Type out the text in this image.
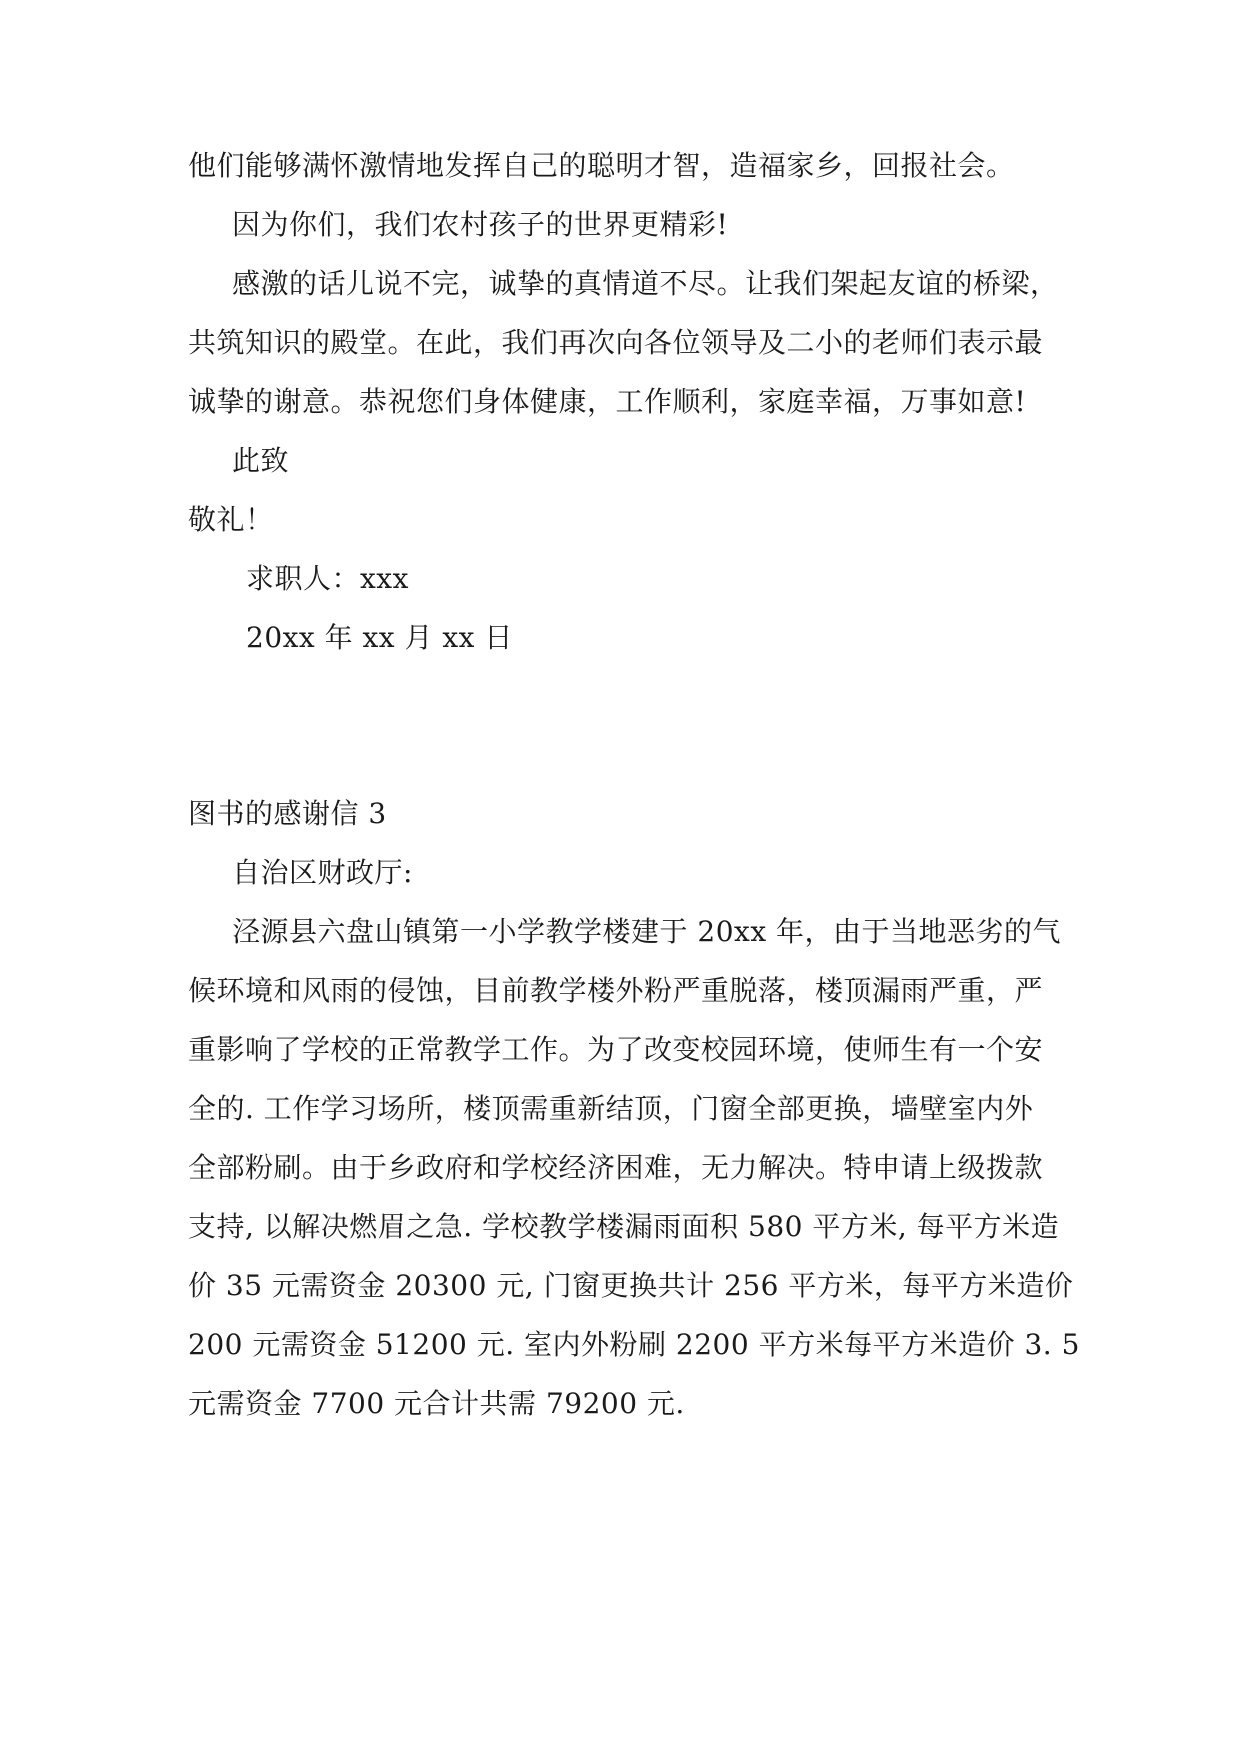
他们能够满怀激情地发挥自己的聪明才智，造福家乡，回报社会。
因为你们，我们农村孩子的世界更精彩!
感激的话儿说不完，诚挚的真情道不尽。让我们架起友谊的桥梁，
共筑知识的殿堂。在此，我们再次向各位领导及二小的老师们表示最
诚挚的谢意。恭祝您们身体健康，工作顺利，家庭幸福，万事如意!
此致
敬礼！
求职人：xxx
20xx 年 xx 月 xx 日
图书的感谢信 3
自治区财政厅:
泾源县六盘山镇第一小学教学楼建于 20xx 年，由于当地恶劣的气
候环境和风雨的侵蚀，目前教学楼外粉严重脱落，楼顶漏雨严重，严
重影响了学校的正常教学工作。为了改变校园环境，使师生有一个安
全的. 工作学习场所，楼顶需重新结顶，门窗全部更换，墙壁室内外
全部粉刷。由于乡政府和学校经济困难，无力解决。特申请上级拨款
支持, 以解决燃眉之急. 学校教学楼漏雨面积 580 平方米, 每平方米造
价 35 元需资金 20300 元, 门窗更换共计 256 平方米，每平方米造价
200 元需资金 51200 元. 室内外粉刷 2200 平方米每平方米造价 3. 5
元需资金 7700 元合计共需 79200 元.
